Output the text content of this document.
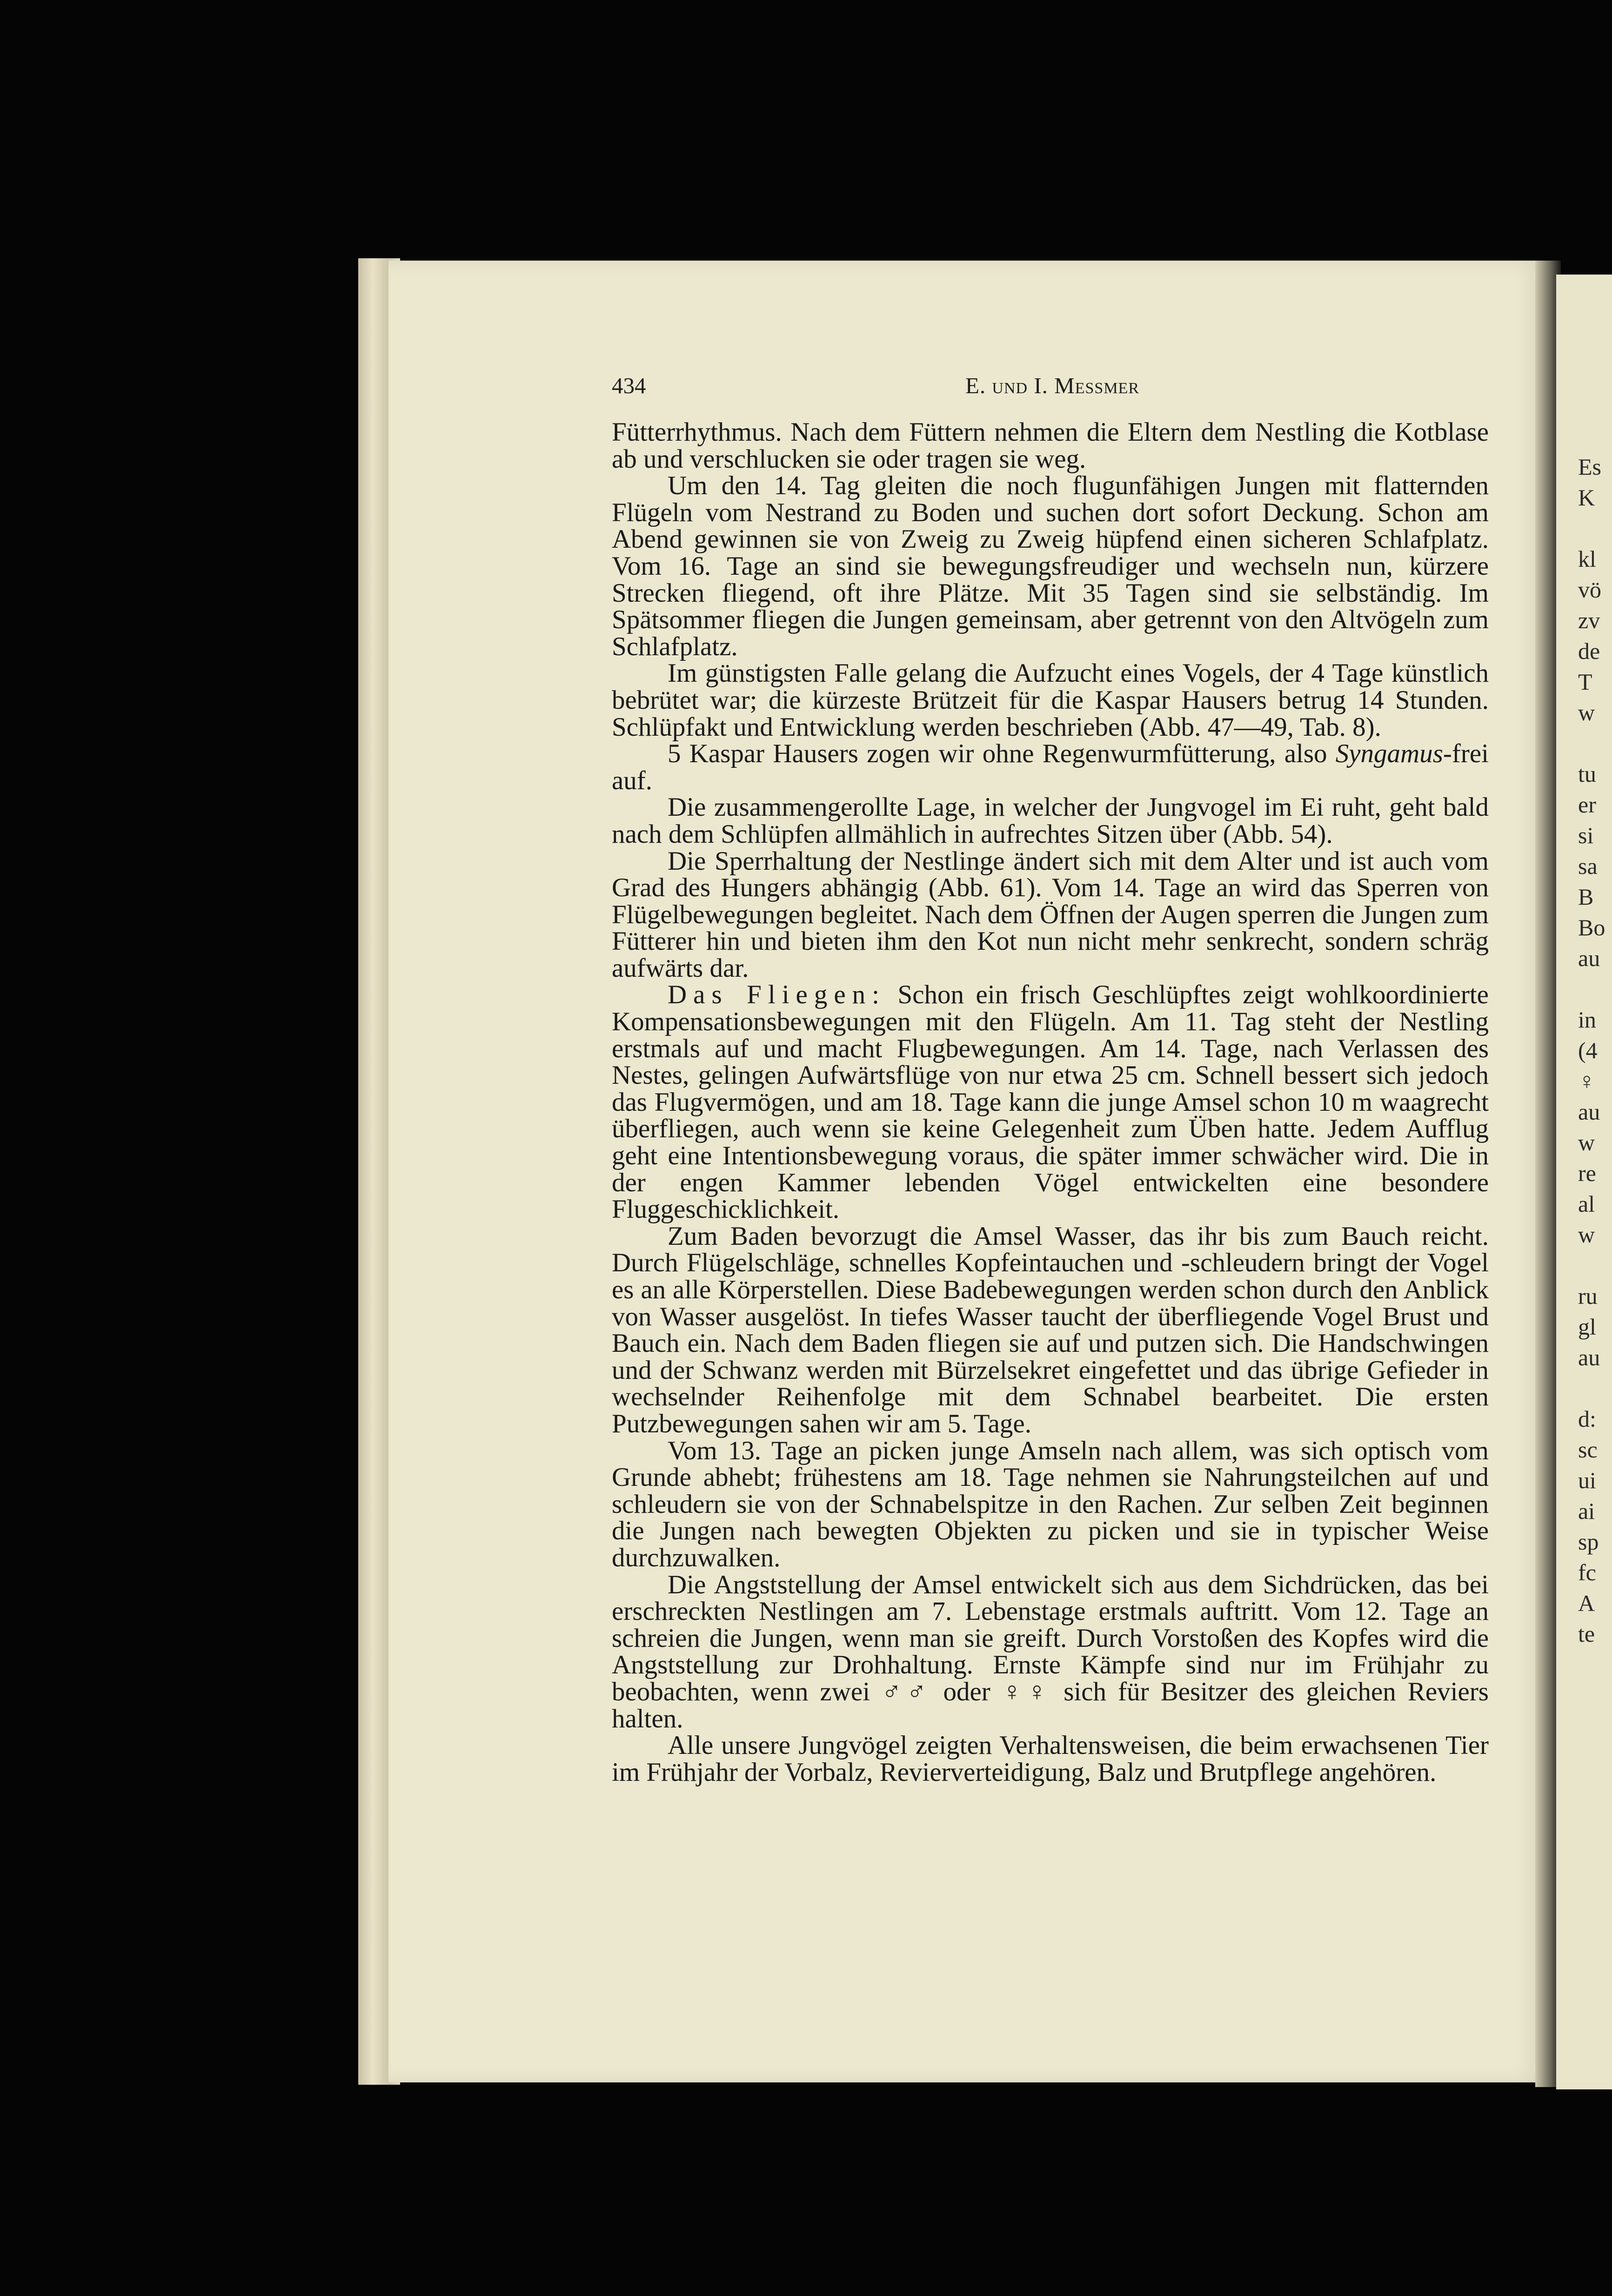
Es
K
kl
vö
zv
de
T
w
tu
er
si
sa
B
Bo
au
in
(4
♀
au
w
re
al
w
ru
gl
au
d:
sc
ui
ai
sp
fc
A
te
434	E. und I. Messmer

Fütterrhythmus. Nach dem Füttern nehmen die Eltern dem Nestling die Kotblase ab und verschlucken sie oder tragen sie weg.

Um den 14. Tag gleiten die noch flugunfähigen Jungen mit flatternden Flügeln vom Nestrand zu Boden und suchen dort sofort Deckung. Schon am Abend gewinnen sie von Zweig zu Zweig hüpfend einen sicheren Schlafplatz. Vom 16. Tage an sind sie bewegungsfreudiger und wechseln nun, kürzere Strecken fliegend, oft ihre Plätze. Mit 35 Tagen sind sie selbständig. Im Spätsommer fliegen die Jungen gemeinsam, aber getrennt von den Altvögeln zum Schlafplatz.

Im günstigsten Falle gelang die Aufzucht eines Vogels, der 4 Tage künstlich bebrütet war; die kürzeste Brützeit für die Kaspar Hausers betrug 14 Stunden. Schlüpfakt und Entwicklung werden beschrieben (Abb. 47—49, Tab. 8).

5 Kaspar Hausers zogen wir ohne Regenwurmfütterung, also Syngamus-frei auf.

Die zusammengerollte Lage, in welcher der Jungvogel im Ei ruht, geht bald nach dem Schlüpfen allmählich in aufrechtes Sitzen über (Abb. 54).

Die Sperrhaltung der Nestlinge ändert sich mit dem Alter und ist auch vom Grad des Hungers abhängig (Abb. 61). Vom 14. Tage an wird das Sperren von Flügelbewegungen begleitet. Nach dem Öffnen der Augen sperren die Jungen zum Fütterer hin und bieten ihm den Kot nun nicht mehr senkrecht, sondern schräg aufwärts dar.

Das Fliegen: Schon ein frisch Geschlüpftes zeigt wohlkoordinierte Kompensationsbewegungen mit den Flügeln. Am 11. Tag steht der Nestling erstmals auf und macht Flugbewegungen. Am 14. Tage, nach Verlassen des Nestes, gelingen Aufwärtsflüge von nur etwa 25 cm. Schnell bessert sich jedoch das Flugvermögen, und am 18. Tage kann die junge Amsel schon 10 m waagrecht überfliegen, auch wenn sie keine Gelegenheit zum Üben hatte. Jedem Aufflug geht eine Intentionsbewegung voraus, die später immer schwächer wird. Die in der engen Kammer lebenden Vögel entwickelten eine besondere Fluggeschicklichkeit.

Zum Baden bevorzugt die Amsel Wasser, das ihr bis zum Bauch reicht. Durch Flügelschläge, schnelles Kopfeintauchen und -schleudern bringt der Vogel es an alle Körperstellen. Diese Badebewegungen werden schon durch den Anblick von Wasser ausgelöst. In tiefes Wasser taucht der überfliegende Vogel Brust und Bauch ein. Nach dem Baden fliegen sie auf und putzen sich. Die Handschwingen und der Schwanz werden mit Bürzelsekret eingefettet und das übrige Gefieder in wechselnder Reihenfolge mit dem Schnabel bearbeitet. Die ersten Putzbewegungen sahen wir am 5. Tage.

Vom 13. Tage an picken junge Amseln nach allem, was sich optisch vom Grunde abhebt; frühestens am 18. Tage nehmen sie Nahrungsteilchen auf und schleudern sie von der Schnabelspitze in den Rachen. Zur selben Zeit beginnen die Jungen nach bewegten Objekten zu picken und sie in typischer Weise durchzuwalken.

Die Angststellung der Amsel entwickelt sich aus dem Sichdrücken, das bei erschreckten Nestlingen am 7. Lebenstage erstmals auftritt. Vom 12. Tage an schreien die Jungen, wenn man sie greift. Durch Vorstoßen des Kopfes wird die Angststellung zur Drohhaltung. Ernste Kämpfe sind nur im Frühjahr zu beobachten, wenn zwei ♂♂ oder ♀♀ sich für Besitzer des gleichen Reviers halten.

Alle unsere Jungvögel zeigten Verhaltensweisen, die beim erwachsenen Tier im Frühjahr der Vorbalz, Revierverteidigung, Balz und Brutpflege angehören.
